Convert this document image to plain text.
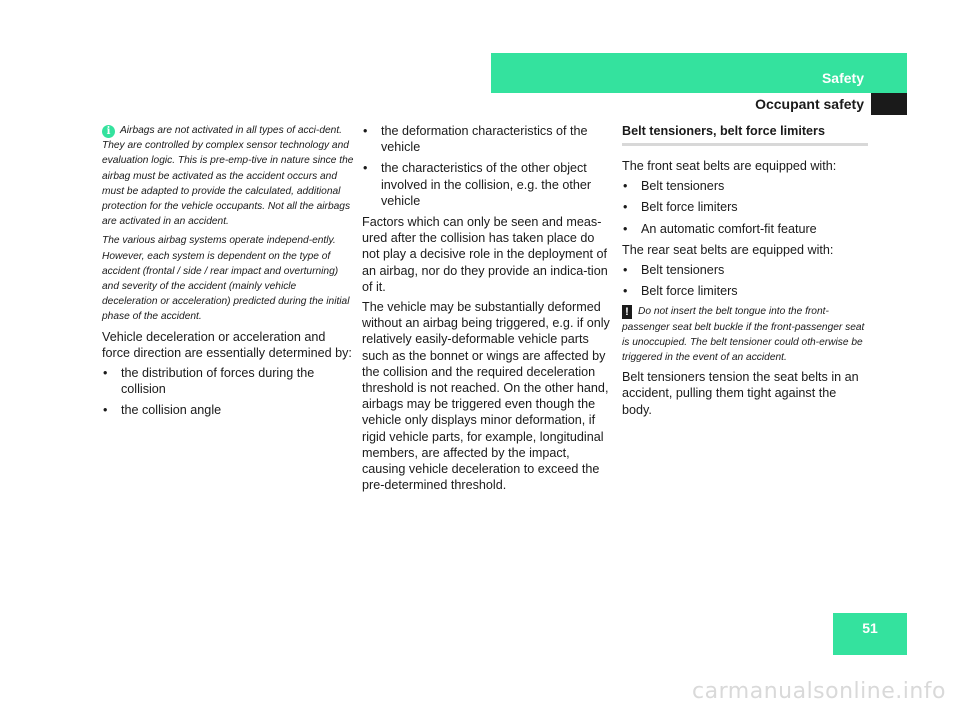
Safety
Occupant safety

i Airbags are not activated in all types of acci-dent. They are controlled by complex sensor technology and evaluation logic. This is pre-emp-tive in nature since the airbag must be activated as the accident occurs and must be adapted to provide the calculated, additional protection for the vehicle occupants. Not all the airbags are activated in an accident.

The various airbag systems operate independ-ently. However, each system is dependent on the type of accident (frontal / side / rear impact and overturning) and severity of the accident (mainly vehicle deceleration or acceleration) predicted during the initial phase of the accident.

Vehicle deceleration or acceleration and force direction are essentially determined by:

• the distribution of forces during the collision
• the collision angle
• the deformation characteristics of the vehicle
• the characteristics of the other object involved in the collision, e.g. the other vehicle

Factors which can only be seen and meas-ured after the collision has taken place do not play a decisive role in the deployment of an airbag, nor do they provide an indica-tion of it.

The vehicle may be substantially deformed without an airbag being triggered, e.g. if only relatively easily-deformable vehicle parts such as the bonnet or wings are affected by the collision and the required deceleration threshold is not reached. On the other hand, airbags may be triggered even though the vehicle only displays minor deformation, if rigid vehicle parts, for example, longitudinal members, are affected by the impact, causing vehicle deceleration to exceed the pre-determined threshold.

Belt tensioners, belt force limiters

The front seat belts are equipped with:

• Belt tensioners
• Belt force limiters
• An automatic comfort-fit feature

The rear seat belts are equipped with:

• Belt tensioners
• Belt force limiters

! Do not insert the belt tongue into the front-passenger seat belt buckle if the front-passenger seat is unoccupied. The belt tensioner could oth-erwise be triggered in the event of an accident.

Belt tensioners tension the seat belts in an accident, pulling them tight against the body.

51
carmanualsonline.info
